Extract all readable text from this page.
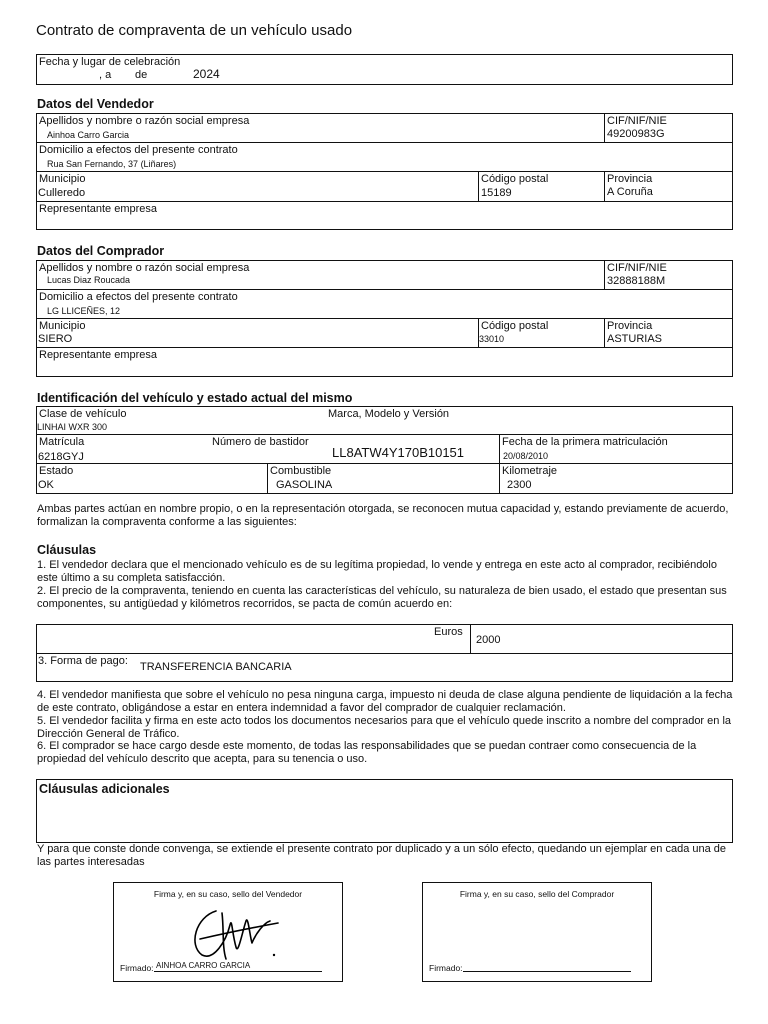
Contrato de compraventa de un vehículo usado
Fecha y lugar de celebración
, a de	2024
Datos del Vendedor
Apellidos y nombre o razón social empresa
Ainhoa Carro Garcia
CIF/NIF/NIE
49200983G
Domicilio a efectos del presente contrato
Rua San Fernando, 37 (Liñares)
Municipio
Culleredo
Código postal
15189
Provincia
A Coruña
Representante empresa
Datos del Comprador
Apellidos y nombre o razón social empresa
Lucas Diaz Roucada
CIF/NIF/NIE
32888188M
Domicilio a efectos del presente contrato
LG LLICEÑES, 12
Municipio
SIERO
Código postal
33010
Provincia
ASTURIAS
Representante empresa
Identificación del vehículo y estado actual del mismo
Clase de vehículo
LINHAI WXR 300
Marca, Modelo y Versión
Matrícula
6218GYJ
Número de bastidor
LL8ATW4Y170B10151
Fecha de la primera matriculación
20/08/2010
Estado
OK
Combustible
GASOLINA
Kilometraje
2300
Ambas partes actúan en nombre propio, o en la representación otorgada, se reconocen mutua capacidad y, estando previamente de acuerdo, formalizan la compraventa conforme a las siguientes:
Cláusulas
1. El vendedor declara que el mencionado vehículo es de su legítima propiedad, lo vende y entrega en este acto al comprador, recibiéndolo este último a su completa satisfacción.
2. El precio de la compraventa, teniendo en cuenta las características del vehículo, su naturaleza de bien usado, el estado que presentan sus componentes, su antigüedad y kilómetros recorridos, se pacta de común acuerdo en:
Euros
2000
3. Forma de pago: TRANSFERENCIA BANCARIA
4. El vendedor manifiesta que sobre el vehículo no pesa ninguna carga, impuesto ni deuda de clase alguna pendiente de liquidación a la fecha de este contrato, obligándose a estar en entera indemnidad a favor del comprador de cualquier reclamación.
5. El vendedor facilita y firma en este acto todos los documentos necesarios para que el vehículo quede inscrito a nombre del comprador en la Dirección General de Tráfico.
6. El comprador se hace cargo desde este momento, de todas las responsabilidades que se puedan contraer como consecuencia de la propiedad del vehículo descrito que acepta, para su tenencia o uso.
Cláusulas adicionales
Y para que conste donde convenga, se extiende el presente contrato por duplicado y a un sólo efecto, quedando un ejemplar en cada una de las partes interesadas
Firma y, en su caso, sello del Vendedor
Firmado: AINHOA CARRO GARCIA
Firma y, en su caso, sello del Comprador
Firmado:
